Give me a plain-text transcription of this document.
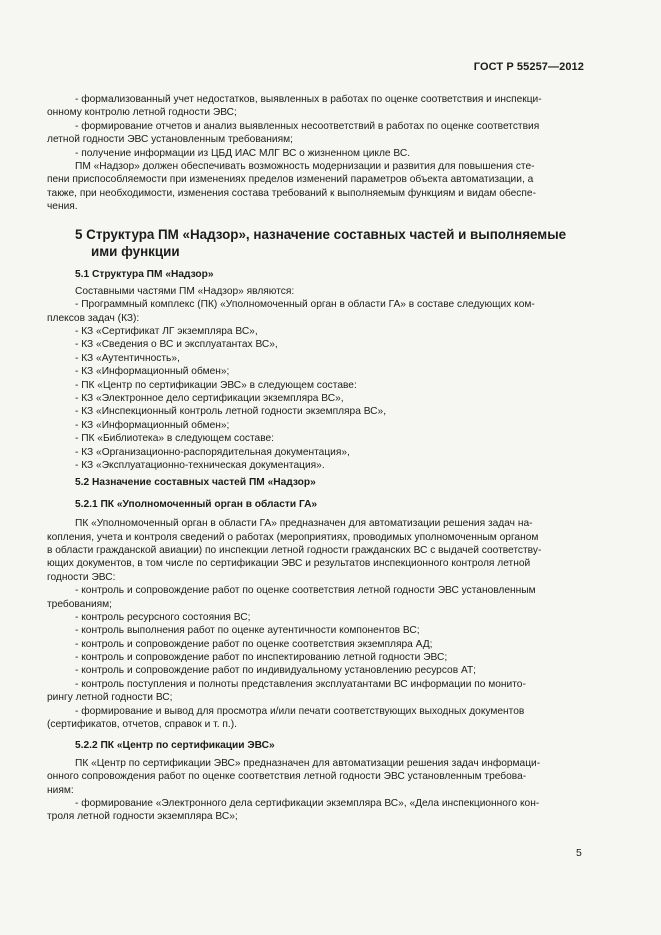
ГОСТ Р 55257—2012
- формализованный учет недостатков, выявленных в работах по оценке соответствия и инспекци-
онному контролю летной годности ЭВС;
- формирование отчетов и анализ выявленных несоответствий в работах по оценке соответствия
летной годности ЭВС установленным требованиям;
- получение информации из ЦБД ИАС МЛГ ВС о жизненном цикле ВС.
ПМ «Надзор» должен обеспечивать возможность модернизации и развития для повышения сте-
пени приспособляемости при изменениях пределов изменений параметров объекта автоматизации, а
также, при необходимости, изменения состава требований к выполняемым функциям и видам обеспе-
чения.
5 Структура ПМ «Надзор», назначение составных частей и выполняемые
ими функции
5.1 Структура ПМ «Надзор»
Составными частями ПМ «Надзор» являются:
- Программный комплекс (ПК) «Уполномоченный орган в области ГА» в составе следующих ком-
плексов задач (КЗ):
- КЗ «Сертификат ЛГ экземпляра ВС»,
- КЗ «Сведения о ВС и эксплуатантах ВС»,
- КЗ «Аутентичность»,
- КЗ «Информационный обмен»;
- ПК «Центр по сертификации ЭВС» в следующем составе:
- КЗ «Электронное дело сертификации экземпляра ВС»,
- КЗ «Инспекционный контроль летной годности экземпляра ВС»,
- КЗ «Информационный обмен»;
- ПК «Библиотека» в следующем составе:
- КЗ «Организационно-распорядительная документация»,
- КЗ «Эксплуатационно-техническая документация».
5.2 Назначение составных частей ПМ «Надзор»
5.2.1 ПК «Уполномоченный орган в области ГА»
ПК «Уполномоченный орган в области ГА» предназначен для автоматизации решения задач на-
копления, учета и контроля сведений о работах (мероприятиях, проводимых уполномоченным органом
в области гражданской авиации) по инспекции летной годности гражданских ВС с выдачей соответству-
ющих документов, в том числе по сертификации ЭВС и результатов инспекционного контроля летной
годности ЭВС:
- контроль и сопровождение работ по оценке соответствия летной годности ЭВС установленным
требованиям;
- контроль ресурсного состояния ВС;
- контроль выполнения работ по оценке аутентичности компонентов ВС;
- контроль и сопровождение работ по оценке соответствия экземпляра АД;
- контроль и сопровождение работ по инспектированию летной годности ЭВС;
- контроль и сопровождение работ по индивидуальному установлению ресурсов АТ;
- контроль поступления и полноты представления эксплуатантами ВС информации по монито-
рингу летной годности ВС;
- формирование и вывод для просмотра и/или печати соответствующих выходных документов
(сертификатов, отчетов, справок и т. п.).
5.2.2 ПК «Центр по сертификации ЭВС»
ПК «Центр по сертификации ЭВС» предназначен для автоматизации решения задач информаци-
онного сопровождения работ по оценке соответствия летной годности ЭВС установленным требова-
ниям:
- формирование «Электронного дела сертификации экземпляра ВС», «Дела инспекционного кон-
троля летной годности экземпляра ВС»;
5
